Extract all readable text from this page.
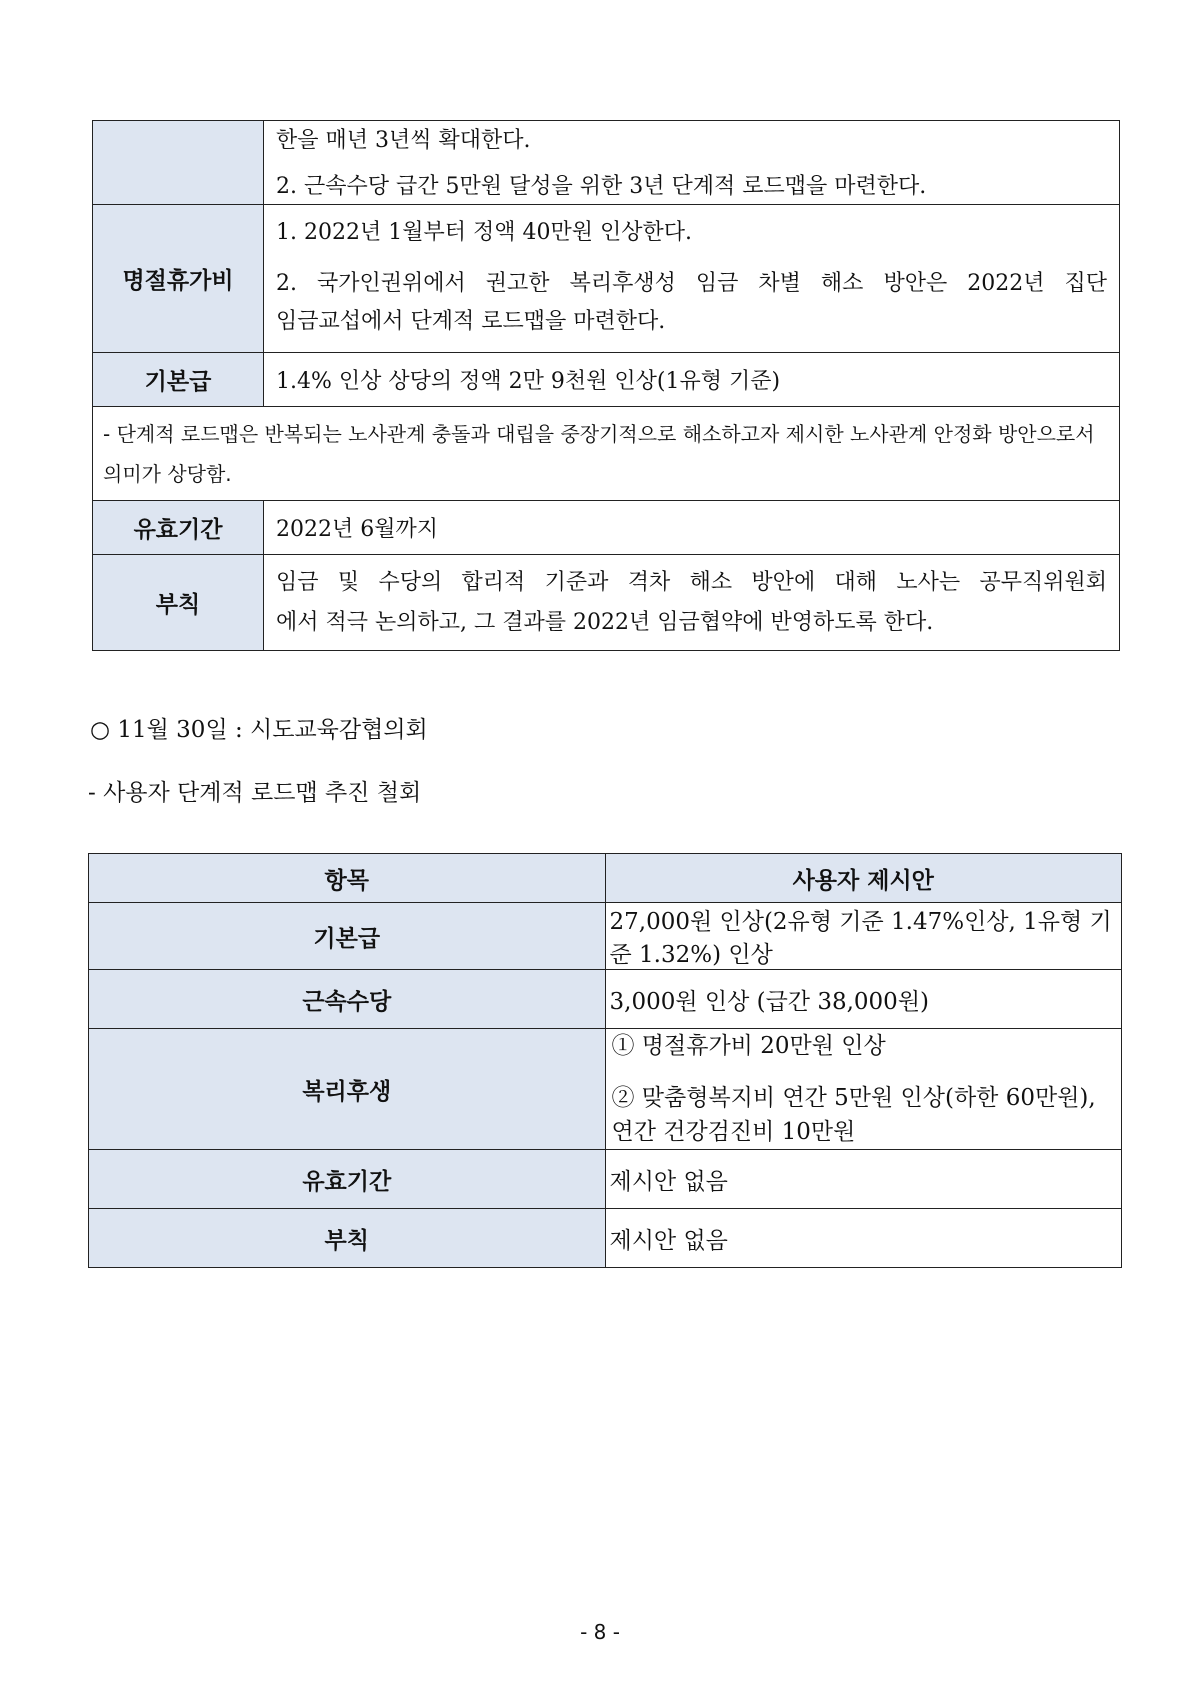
	한을 매년 3년씩 확대한다.
2. 근속수당 급간 5만원 달성을 위한 3년 단계적 로드맵을 마련한다.

명절휴가비	1. 2022년 1월부터 정액 40만원 인상한다.
2. 국가인권위에서 권고한 복리후생성 임금 차별 해소 방안은 2022년 집단
임금교섭에서 단계적 로드맵을 마련한다.

기본급	1.4% 인상 상당의 정액 2만 9천원 인상(1유형 기준)

- 단계적 로드맵은 반복되는 노사관계 충돌과 대립을 중장기적으로 해소하고자 제시한 노사관계 안정화 방안으로서 의미가 상당함.	
유효기간	2022년 6월까지

부칙	임금 및 수당의 합리적 기준과 격차 해소 방안에 대해 노사는 공무직위원회
에서 적극 논의하고, 그 결과를 2022년 임금협약에 반영하도록 한다.
○ 11월 30일 : 시도교육감협의회
- 사용자 단계적 로드맵 추진 철회
항목	사용자 제시안
기본급	27,000원 인상(2유형 기준 1.47%인상, 1유형 기준 1.32%) 인상
근속수당	3,000원 인상 (급간 38,000원)
복리후생	① 명절휴가비 20만원 인상
② 맞춤형복지비 연간 5만원 인상(하한 60만원), 연간 건강검진비 10만원

유효기간	제시안 없음
부칙	제시안 없음
- 8 -
